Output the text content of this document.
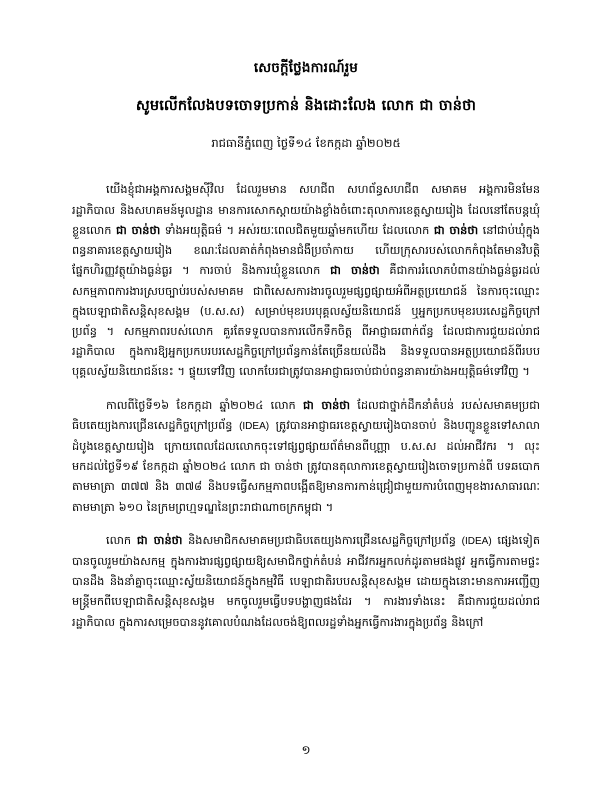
សេចក្តីថ្លែងការណ៍រួម
សូមលើកលែងបទចោទប្រកាន់ និងដោះលែង លោក ជា ចាន់ថា
រាជធានីភ្នំពេញ ថ្ងៃទី១៤ ខែកក្កដា ឆ្នាំ២០២៥

យើងខ្ញុំជាអង្គការសង្គមស៊ីវិល ដែលរួមមាន សហជីព សហព័ន្ធសហជីព សមាគម អង្គការមិនមែនរដ្ឋាភិបាល និងសហគមន៍មូលដ្ឋាន មានការសោកស្តាយយ៉ាងខ្លាំងចំពោះតុលាការខេត្តស្វាយរៀង ដែលនៅតែបន្តឃុំខ្លួនលោក ជា ចាន់ថា ទាំងអយុត្តិធម៌ ។ អស់រយៈពេលជិតមួយឆ្នាំមកហើយ ដែលលោក ជា ចាន់ថា នៅជាប់ឃុំក្នុងពន្ធនាគារខេត្តស្វាយរៀង ខណៈដែលគាត់កំពុងមានជំងឺប្រចាំកាយ ហើយក្រុសារបស់លោកកំពុងតែមានវិបត្តិផ្នែកហិរញ្ញវត្ថុយ៉ាងធ្ងន់ធ្ងរ ។ ការចាប់ និងការឃុំខ្លួនលោក ជា ចាន់ថា គឺជាការរំលោភបំពានយ៉ាងធ្ងន់ធ្ងរដល់សកម្មភាពការងារស្របច្បាប់របស់សមាគម ជាពិសេសការងារចូលរួមផ្សព្វផ្សាយអំពីអត្ថប្រយោជន៍ នៃការចុះឈ្មោះក្នុងបេឡាជាតិសន្តិសុខសង្គម (ប.ស.ស) សម្រាប់មុខរបរបុគ្គលស្វ័យនិយោជន៍ ឬអ្នកប្រកបមុខរបរសេដ្ឋកិច្ចក្រៅប្រព័ន្ធ ។ សកម្មភាពរបស់លោក គួរតែទទួលបានការលើកទឹកចិត្ត ពីអាជ្ញាធរពាក់ព័ន្ធ ដែលជាការជួយដល់រាជរដ្ឋាភិបាល ក្នុងការឱ្យអ្នកប្រកបរបរសេដ្ឋកិច្ចក្រៅប្រព័ន្ធកាន់តែច្រើនយល់ដឹង និងទទួលបានអត្ថប្រយោជន៍ពីរបបបុគ្គលស្វ័យនិយោជន៍នេះ ។ ផ្ទុយទៅវិញ លោកបែរជាត្រូវបានអាជ្ញាធរចាប់ជាប់ពន្ធនាគារយ៉ាងអយុត្តិធម៌ទៅវិញ ។

កាលពីថ្ងៃទី១៦ ខែកក្កដា ឆ្នាំ២០២៤ លោក ជា ចាន់ថា ដែលជាថ្នាក់ដឹកនាំតំបន់ របស់សមាគមប្រជាធិបតេយ្យងការជ្រើនសេដ្ឋកិច្ចក្រៅប្រព័ន្ធ (IDEA) ត្រូវបានអាជ្ញាធរខេត្តស្វាយរៀងបានចាប់ និងបញ្ជូនខ្លួនទៅសាលាដំបូងខេត្តស្វាយរៀង ក្រោយពេលដែលលោកចុះទៅផ្សព្វផ្សាយព័ត៌មានពីបញ្ណា ប.ស.ស ដល់អាជីវករ ។ លុះមកដល់ថ្ងៃទី១៩ ខែកក្កដា ឆ្នាំ២០២៤ លោក ជា ចាន់ថា ត្រូវបានតុលាការខេត្តស្វាយរៀងចោទប្រកាន់ពី បទឆបោកតាមមាត្រា ៣៧៧ និង ៣៧៨ និងបទធ្វើសកម្មភាពបង្អើតឱ្យមានការកាន់ជ្រៀជាមួយការបំពេញមុខងារសាធារណៈ តាមមាត្រា ៦១០ នៃក្រមព្រហ្មទណ្ឌនៃព្រះរាជាណាចក្រកម្ពុជា ។

លោក ជា ចាន់ថា និងសមាជិកសមាគមប្រជាធិបតេយ្យងការជ្រើនសេដ្ឋកិច្ចក្រៅប្រព័ន្ធ (IDEA) ផ្សេងទៀត បានចូលរួមយ៉ាងសកម្ម ក្នុងការងារផ្សព្វផ្សាយឱ្យសមាជិកថ្នាក់តំបន់ អាជីវករអ្នកលក់ដូរតាមផងផ្លូវ អ្នកធ្វើការតាមផ្ទះ បានដឹង និងនាំគ្នាចុះឈ្មោះស្វ័យនិយោជន៍ក្នុងកម្មវិធី បេឡាជាតិរបបសន្តិសុខសង្គម ដោយក្នុងនោះមានការអញ្ជើញមន្ត្រីមកពីបេឡាជាតិសន្តិសុខសង្គម មកចូលរួមធ្វើបទបង្ហាញផងដែរ ។ ការងារទាំងនេះ គឺជាការជួយដល់រាជរដ្ឋាភិបាល ក្នុងការសម្រេចបាននូវគោលបំណងដែលចង់ឱ្យពលរដ្ឋទាំងអ្នកធ្វើការងារក្នុងប្រព័ន្ធ និងក្រៅ

១
